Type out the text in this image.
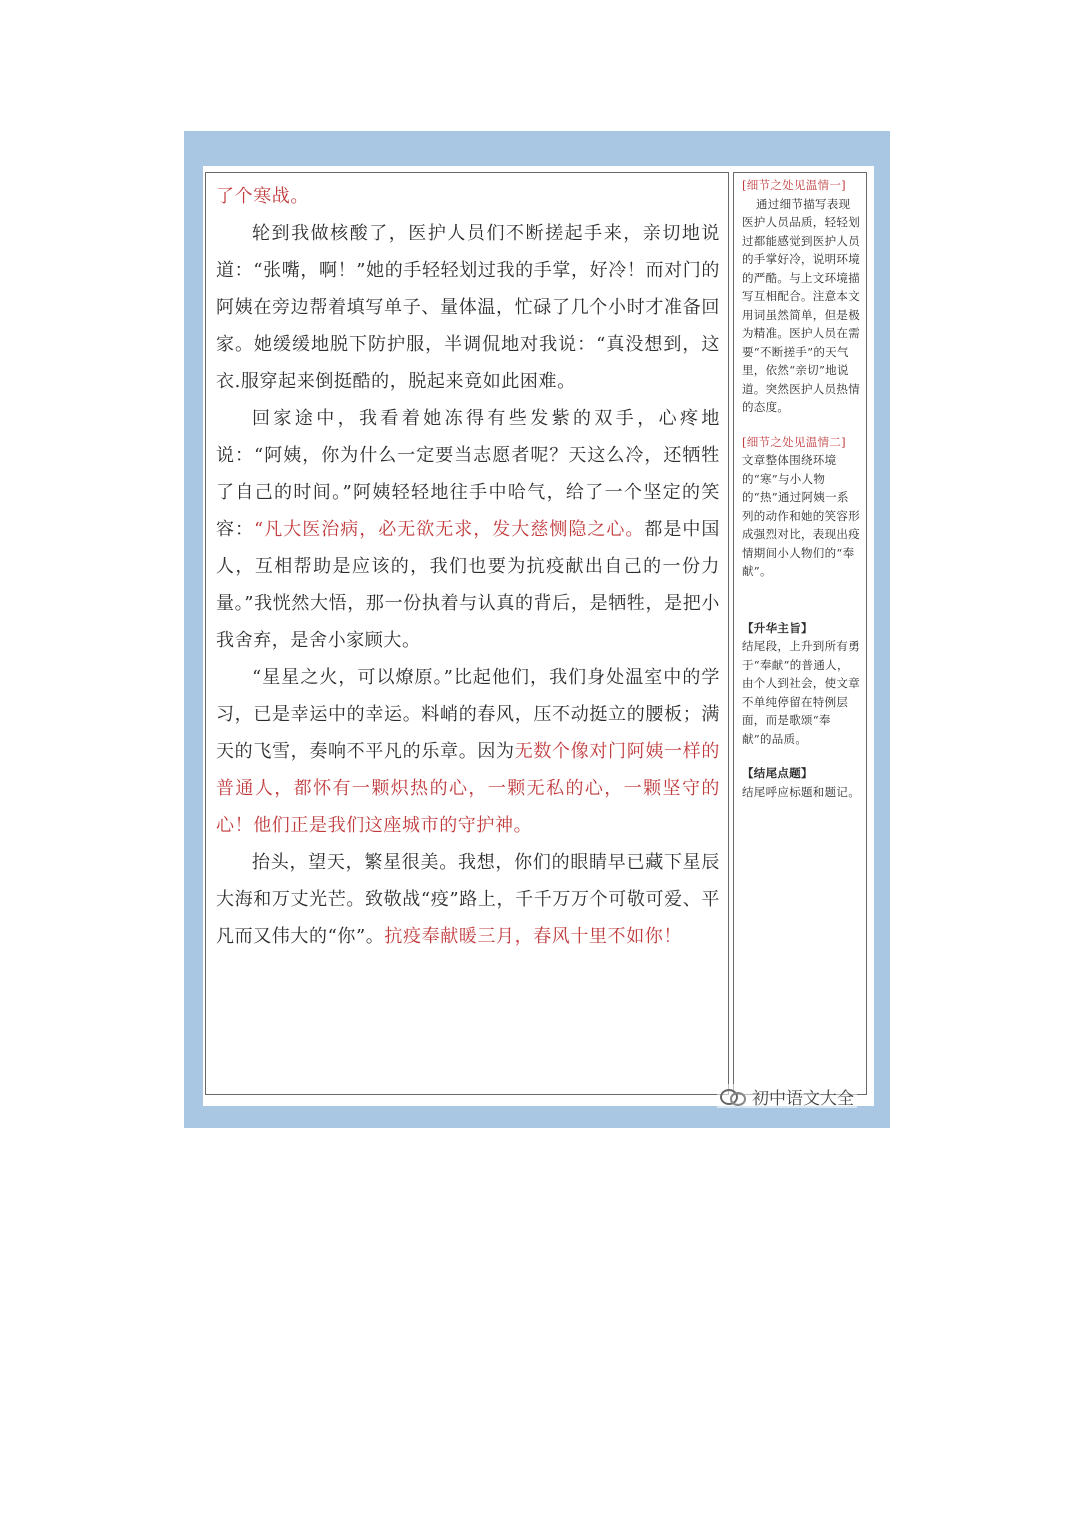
了个寒战。

轮到我做核酸了，医护人员们不断搓起手来，亲切地说道：“张嘴，啊！”她的手轻轻划过我的手掌，好冷！而对门的阿姨在旁边帮着填写单子、量体温，忙碌了几个小时才准备回家。她缓缓地脱下防护服，半调侃地对我说：“真没想到，这衣.服穿起来倒挺酷的，脱起来竟如此困难。

回家途中，我看着她冻得有些发紫的双手，心疼地说：“阿姨，你为什么一定要当志愿者呢？天这么冷，还牺牲了自己的时间。”阿姨轻轻地往手中哈气，给了一个坚定的笑容：“凡大医治病，必无欲无求，发大慈恻隐之心。都是中国人，互相帮助是应该的，我们也要为抗疫献出自己的一份力量。”我恍然大悟，那一份执着与认真的背后，是牺牲，是把小我舍弃，是舍小家顾大。

“星星之火，可以燎原。”比起他们，我们身处温室中的学习，已是幸运中的幸运。料峭的春风，压不动挺立的腰板；满天的飞雪，奏响不平凡的乐章。因为无数个像对门阿姨一样的普通人，都怀有一颗炽热的心，一颗无私的心，一颗坚守的心！他们正是我们这座城市的守护神。

抬头，望天，繁星很美。我想，你们的眼睛早已藏下星辰大海和万丈光芒。致敬战“疫”路上，千千万万个可敬可爱、平凡而又伟大的“你”。抗疫奉献暖三月，春风十里不如你！

[细节之处见温情一]
通过细节描写表现医护人员品质，轻轻划过都能感觉到医护人员的手掌好冷，说明环境的严酷。与上文环境描写互相配合。注意本文用词虽然简单，但是极为精准。医护人员在需要“不断搓手”的天气里，依然“亲切”地说道。突然医护人员热情的态度。
[细节之处见温情二]
文章整体围绕环境的“寒”与小人物的“热”通过阿姨一系列的动作和她的笑容形成强烈对比，表现出疫情期间小人物们的“奉献”。
【升华主旨】
结尾段，上升到所有勇于“奉献”的普通人，由个人到社会，使文章不单纯停留在特例层面，而是歌颂“奉献”的品质。
【结尾点题】
结尾呼应标题和题记。
初中语文大全
